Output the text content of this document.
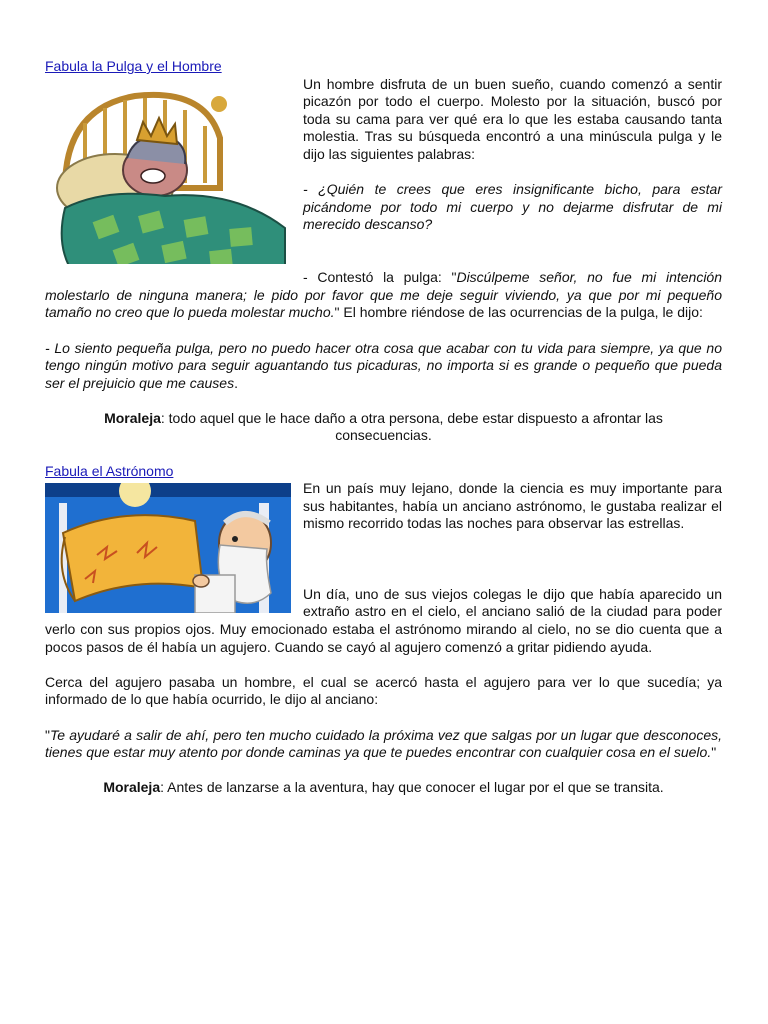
Fabula la Pulga y el Hombre

Un hombre disfruta de un buen sueño, cuando comenzó a sentir picazón por todo el cuerpo. Molesto por la situación, buscó por toda su cama para ver qué era lo que les estaba causando tanta molestia. Tras su búsqueda encontró a una minúscula pulga y le dijo las siguientes palabras:

- ¿Quién te crees que eres insignificante bicho, para estar picándome por todo mi cuerpo y no dejarme disfrutar de mi merecido descanso?

- Contestó la pulga: "Discúlpeme señor, no fue mi intención molestarlo de ninguna manera; le pido por favor que me deje seguir viviendo, ya que por mi pequeño tamaño no creo que lo pueda molestar mucho." El hombre riéndose de las ocurrencias de la pulga, le dijo:

- Lo siento pequeña pulga, pero no puedo hacer otra cosa que acabar con tu vida para siempre, ya que no tengo ningún motivo para seguir aguantando tus picaduras, no importa si es grande o pequeño que pueda ser el prejuicio que me causes.

Moraleja: todo aquel que le hace daño a otra persona, debe estar dispuesto a afrontar las consecuencias.

Fabula el Astrónomo

En un país muy lejano, donde la ciencia es muy importante para sus habitantes, había un anciano astrónomo, le gustaba realizar el mismo recorrido todas las noches para observar las estrellas.

Un día, uno de sus viejos colegas le dijo que había aparecido un extraño astro en el cielo, el anciano salió de la ciudad para poder verlo con sus propios ojos. Muy emocionado estaba el astrónomo mirando al cielo, no se dio cuenta que a pocos pasos de él había un agujero. Cuando se cayó al agujero comenzó a gritar pidiendo ayuda.

Cerca del agujero pasaba un hombre, el cual se acercó hasta el agujero para ver lo que sucedía; ya informado de lo que había ocurrido, le dijo al anciano:

"Te ayudaré a salir de ahí, pero ten mucho cuidado la próxima vez que salgas por un lugar que desconoces, tienes que estar muy atento por donde caminas ya que te puedes encontrar con cualquier cosa en el suelo."

Moraleja: Antes de lanzarse a la aventura, hay que conocer el lugar por el que se transita.
